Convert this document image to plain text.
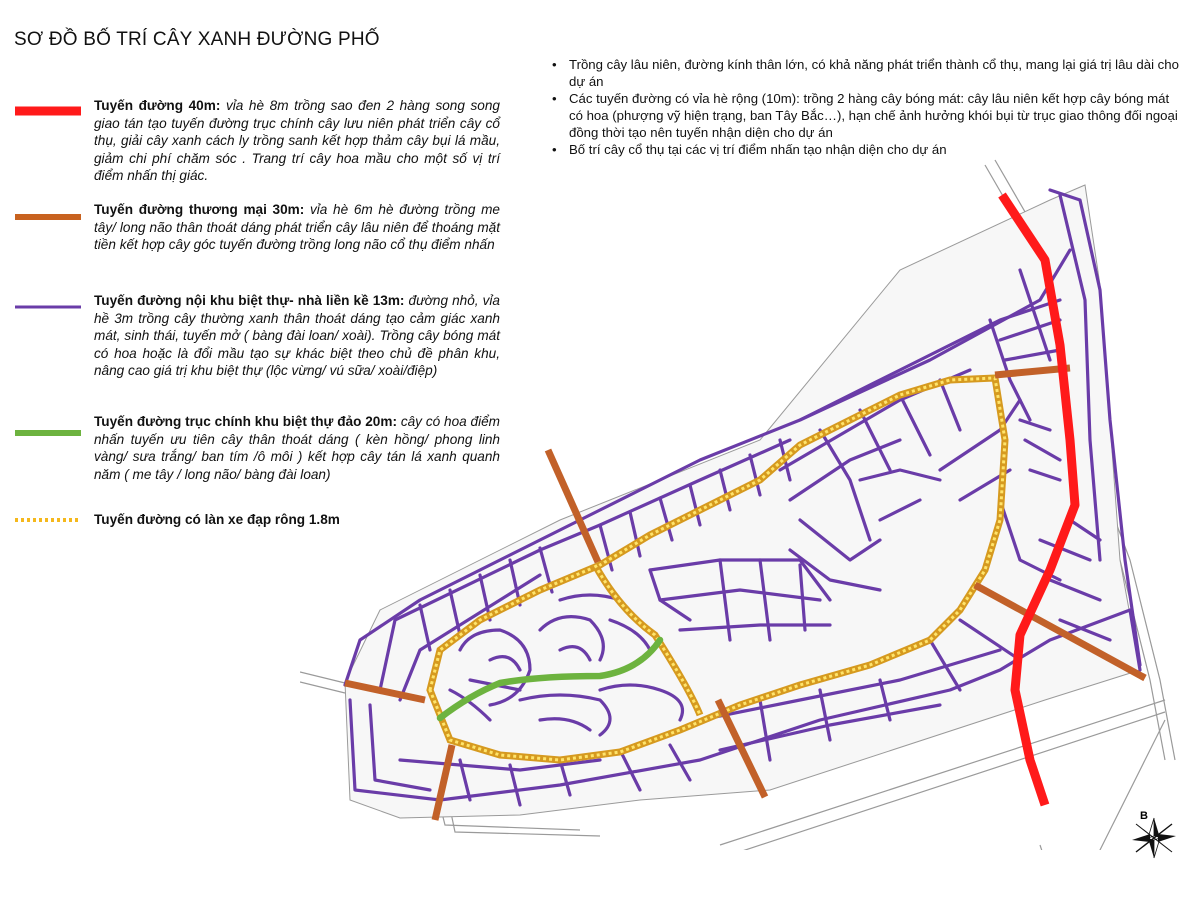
SƠ ĐỒ BỐ TRÍ CÂY XANH ĐƯỜNG PHỐ
Tuyến đường 40m: vỉa hè 8m trồng sao đen 2 hàng song song giao tán tạo tuyến đường trục chính cây lưu niên phát triển cây cổ thụ, giải cây xanh cách ly trồng sanh kết hợp thảm cây bụi lá mầu, giảm chi phí chăm sóc . Trang trí cây hoa mầu cho một số vị trí điểm nhấn thị giác.
Tuyến đường thương mại 30m: vỉa hè 6m hè đường trồng me tây/ long não thân thoát dáng phát triển cây lâu niên để thoáng mặt tiền kết hợp cây góc tuyến đường trồng long não cổ thụ điểm nhấn
Tuyến đường nội khu biệt thự- nhà liền kề 13m: đường nhỏ, vỉa hề 3m trồng cây thường xanh thân thoát dáng tạo cảm giác xanh mát, sinh thái, tuyến mở ( bàng đài loan/ xoài). Trồng cây bóng mát có hoa hoặc là đổi mầu tạo sự khác biệt theo chủ đề phân khu, nâng cao giá trị khu biệt thự (lộc vừng/ vú sữa/ xoài/điệp)
Tuyến đường trục chính khu biệt thự đảo 20m: cây có hoa điểm nhấn tuyến ưu tiên cây thân thoát dáng ( kèn hồng/ phong linh vàng/ sưa trắng/ ban tím /ô môi ) kết hợp cây tán lá xanh quanh năm ( me tây / long não/ bàng đài loan)
Tuyến đường có làn xe đạp rông 1.8m
• Trồng cây lâu niên, đường kính thân lớn, có khả năng phát triển thành cổ thụ, mang lại giá trị lâu dài cho dự án
• Các tuyến đường có vỉa hè rộng (10m): trồng 2 hàng cây bóng mát: cây lâu niên kết hợp cây bóng mát có hoa (phượng vỹ hiện trạng, ban Tây Bắc…), hạn chế ảnh hưởng khói bụi từ trục giao thông đối ngoại đồng thời tạo nên tuyến nhận diện cho dự án
• Bố trí cây cổ thụ tại các vị trí điểm nhấn tạo nhận diện cho dự án
B
